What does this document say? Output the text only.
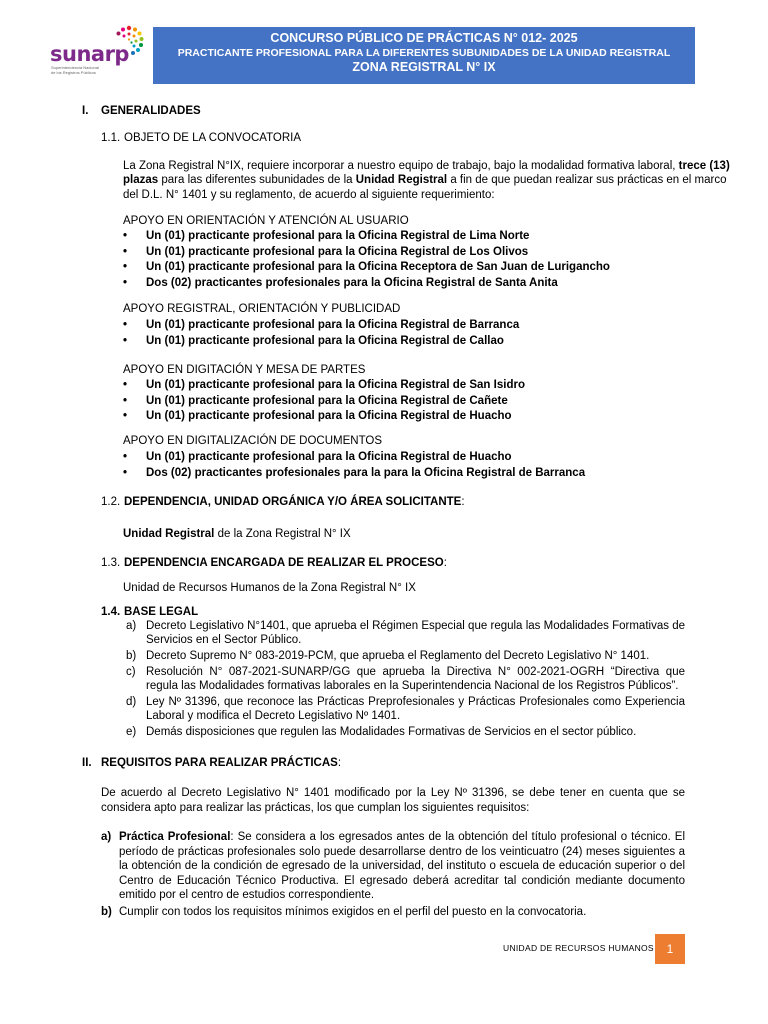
sunarp
Superintendencia Nacional de los Registros Públicos
CONCURSO PÚBLICO DE PRÁCTICAS N° 012- 2025
PRACTICANTE PROFESIONAL PARA LA DIFERENTES SUBUNIDADES DE LA UNIDAD REGISTRAL
ZONA REGISTRAL N° IX
I. GENERALIDADES
1.1. OBJETO DE LA CONVOCATORIA
La Zona Registral N°IX, requiere incorporar a nuestro equipo de trabajo, bajo la modalidad formativa laboral, trece (13)
plazas para las diferentes subunidades de la Unidad Registral a fin de que puedan realizar sus prácticas en el marco
del D.L. N° 1401 y su reglamento, de acuerdo al siguiente requerimiento:
APOYO EN ORIENTACIÓN Y ATENCIÓN AL USUARIO
• Un (01) practicante profesional para la Oficina Registral de Lima Norte
• Un (01) practicante profesional para la Oficina Registral de Los Olivos
• Un (01) practicante profesional para la Oficina Receptora de San Juan de Lurigancho
• Dos (02) practicantes profesionales para la Oficina Registral de Santa Anita
APOYO REGISTRAL, ORIENTACIÓN Y PUBLICIDAD
• Un (01) practicante profesional para la Oficina Registral de Barranca
• Un (01) practicante profesional para la Oficina Registral de Callao
APOYO EN DIGITACIÓN Y MESA DE PARTES
• Un (01) practicante profesional para la Oficina Registral de San Isidro
• Un (01) practicante profesional para la Oficina Registral de Cañete
• Un (01) practicante profesional para la Oficina Registral de Huacho
APOYO EN DIGITALIZACIÓN DE DOCUMENTOS
• Un (01) practicante profesional para la Oficina Registral de Huacho
• Dos (02) practicantes profesionales para la para la Oficina Registral de Barranca
1.2. DEPENDENCIA, UNIDAD ORGÁNICA Y/O ÁREA SOLICITANTE:
Unidad Registral de la Zona Registral N° IX
1.3. DEPENDENCIA ENCARGADA DE REALIZAR EL PROCESO:
Unidad de Recursos Humanos de la Zona Registral N° IX
1.4. BASE LEGAL
a) Decreto Legislativo N°1401, que aprueba el Régimen Especial que regula las Modalidades Formativas de Servicios en el Sector Público.
b) Decreto Supremo N° 083-2019-PCM, que aprueba el Reglamento del Decreto Legislativo N° 1401.
c) Resolución N° 087-2021-SUNARP/GG que aprueba la Directiva N° 002-2021-OGRH “Directiva que regula las Modalidades formativas laborales en la Superintendencia Nacional de los Registros Públicos”.
d) Ley Nº 31396, que reconoce las Prácticas Preprofesionales y Prácticas Profesionales como Experiencia Laboral y modifica el Decreto Legislativo Nº 1401.
e) Demás disposiciones que regulen las Modalidades Formativas de Servicios en el sector público.
II. REQUISITOS PARA REALIZAR PRÁCTICAS:
De acuerdo al Decreto Legislativo N° 1401 modificado por la Ley Nº 31396, se debe tener en cuenta que se considera apto para realizar las prácticas, los que cumplan los siguientes requisitos:
a) Práctica Profesional: Se considera a los egresados antes de la obtención del título profesional o técnico. El período de prácticas profesionales solo puede desarrollarse dentro de los veinticuatro (24) meses siguientes a la obtención de la condición de egresado de la universidad, del instituto o escuela de educación superior o del Centro de Educación Técnico Productiva. El egresado deberá acreditar tal condición mediante documento emitido por el centro de estudios correspondiente.
b) Cumplir con todos los requisitos mínimos exigidos en el perfil del puesto en la convocatoria.
UNIDAD DE RECURSOS HUMANOS	1
